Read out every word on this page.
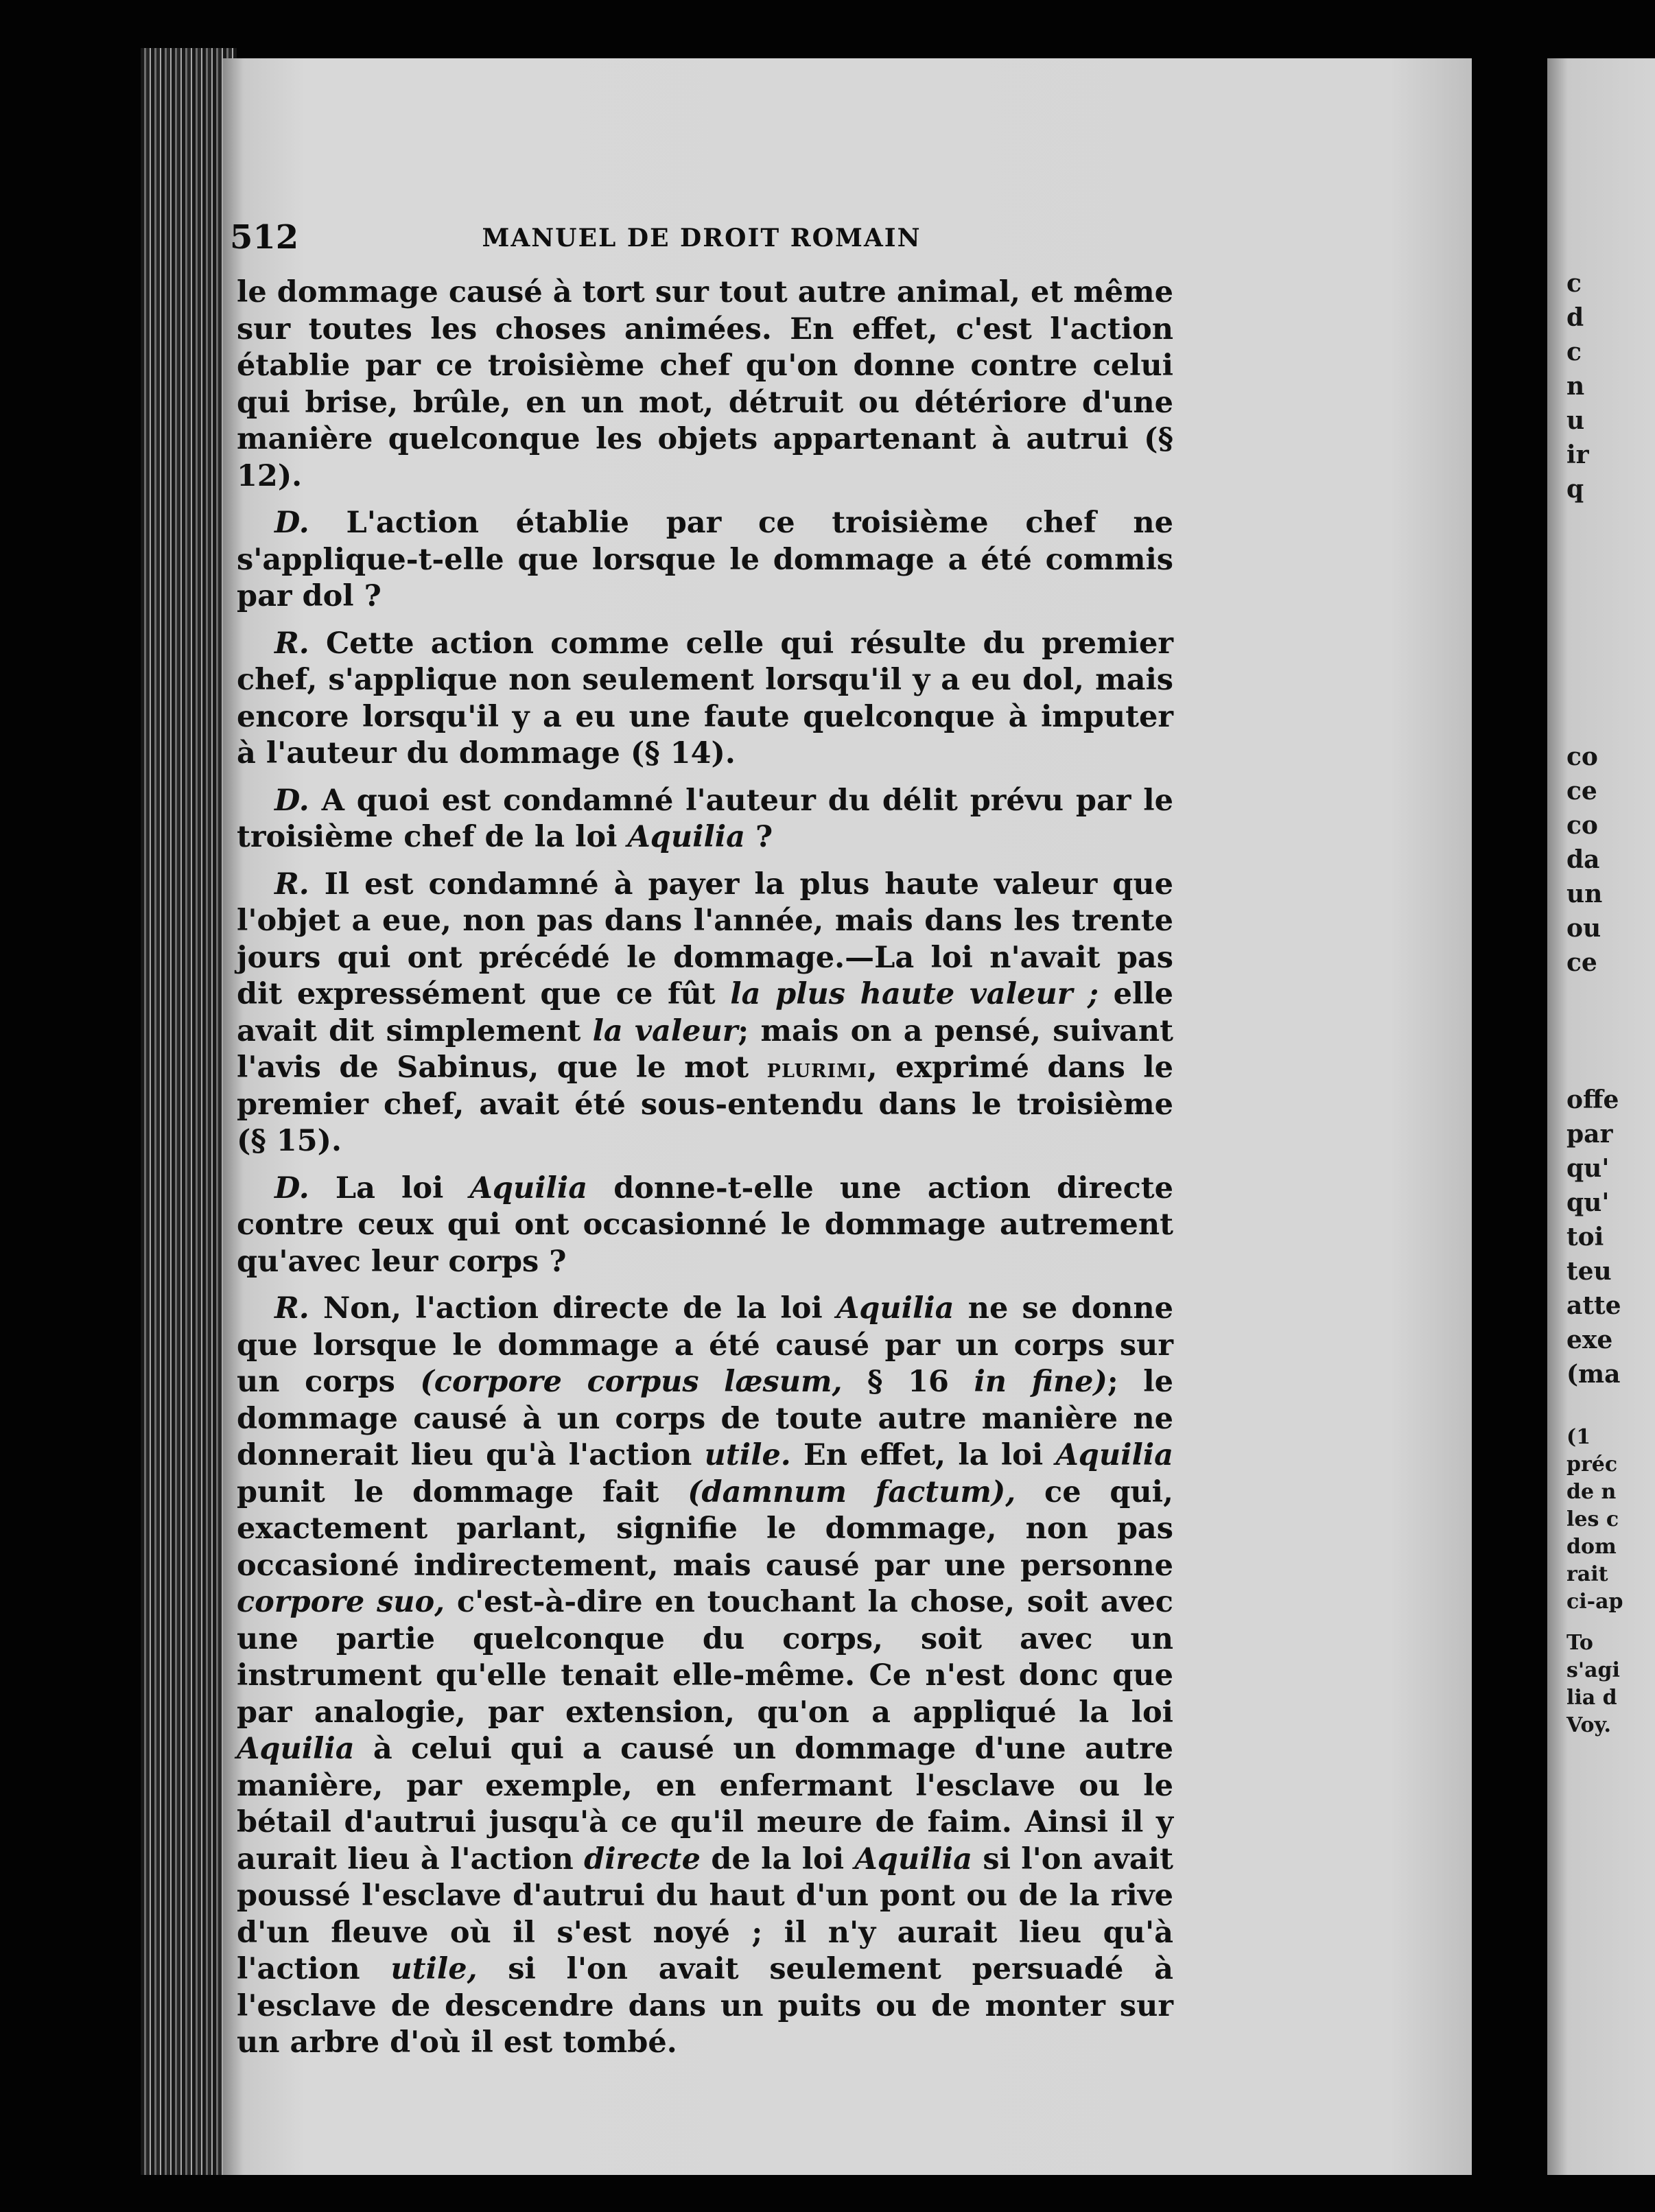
c
d
c
n
u
ir
q
co
ce
co
da
un
ou
ce
offe
par
qu'
qu'
toi
teu
atte
exe
(ma
(1
préc
de n
les c
dom
rait
ci-ap
To
s'agi
lia d
Voy.
512	MANUEL DE DROIT ROMAIN

le dommage causé à tort sur tout autre animal, et même sur toutes les choses animées. En effet, c'est l'action établie par ce troisième chef qu'on donne contre celui qui brise, brûle, en un mot, détruit ou détériore d'une manière quelconque les objets appartenant à autrui (§ 12).

D. L'action établie par ce troisième chef ne s'applique-t-elle que lorsque le dommage a été commis par dol ?

R. Cette action comme celle qui résulte du premier chef, s'applique non seulement lorsqu'il y a eu dol, mais encore lorsqu'il y a eu une faute quelconque à imputer à l'auteur du dommage (§ 14).

D. A quoi est condamné l'auteur du délit prévu par le troisième chef de la loi Aquilia ?

R. Il est condamné à payer la plus haute valeur que l'objet a eue, non pas dans l'année, mais dans les trente jours qui ont précédé le dommage.—La loi n'avait pas dit expressément que ce fût la plus haute valeur ; elle avait dit simplement la valeur; mais on a pensé, suivant l'avis de Sabinus, que le mot plurimi, exprimé dans le premier chef, avait été sous-entendu dans le troisième (§ 15).

D. La loi Aquilia donne-t-elle une action directe contre ceux qui ont occasionné le dommage autrement qu'avec leur corps ?

R. Non, l'action directe de la loi Aquilia ne se donne que lorsque le dommage a été causé par un corps sur un corps (corpore corpus læsum, § 16 in fine); le dommage causé à un corps de toute autre manière ne donnerait lieu qu'à l'action utile. En effet, la loi Aquilia punit le dommage fait (damnum factum), ce qui, exactement parlant, signifie le dommage, non pas occasioné indirectement, mais causé par une personne corpore suo, c'est-à-dire en touchant la chose, soit avec une partie quelconque du corps, soit avec un instrument qu'elle tenait elle-même. Ce n'est donc que par analogie, par extension, qu'on a appliqué la loi Aquilia à celui qui a causé un dommage d'une autre manière, par exemple, en enfermant l'esclave ou le bétail d'autrui jusqu'à ce qu'il meure de faim. Ainsi il y aurait lieu à l'action directe de la loi Aquilia si l'on avait poussé l'esclave d'autrui du haut d'un pont ou de la rive d'un fleuve où il s'est noyé ; il n'y aurait lieu qu'à l'action utile, si l'on avait seulement persuadé à l'esclave de descendre dans un puits ou de monter sur un arbre d'où il est tombé.
